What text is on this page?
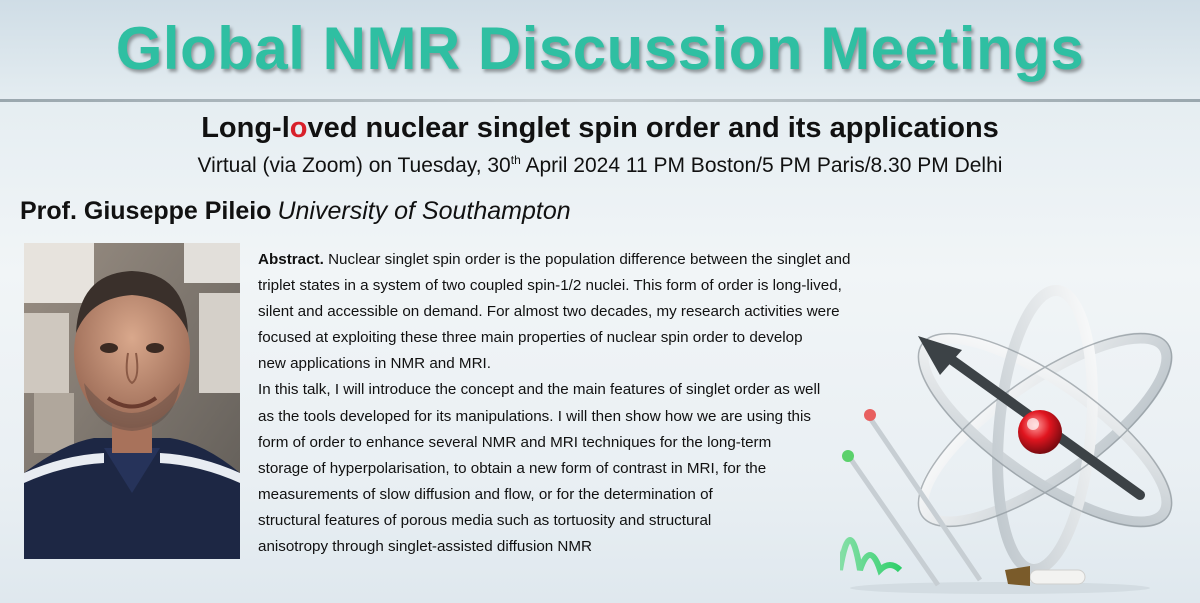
Global NMR Discussion Meetings
Long-loved nuclear singlet spin order and its applications
Virtual (via Zoom) on Tuesday, 30th April 2024 11 PM Boston/5 PM Paris/8.30 PM Delhi
Prof. Giuseppe Pileio University of Southampton
Abstract. Nuclear singlet spin order is the population difference between the singlet and
triplet states in a system of two coupled spin-1/2 nuclei. This form of order is long-lived,
silent and accessible on demand. For almost two decades, my research activities were
focused at exploiting these three main properties of nuclear spin order to develop
new applications in NMR and MRI.
In this talk, I will introduce the concept and the main features of singlet order as well
as the tools developed for its manipulations. I will then show how we are using this
form of order to enhance several NMR and MRI techniques for the long-term
storage of hyperpolarisation, to obtain a new form of contrast in MRI, for the
measurements of slow diffusion and flow, or for the determination of
structural features of porous media such as tortuosity and structural
anisotropy through singlet-assisted diffusion NMR
